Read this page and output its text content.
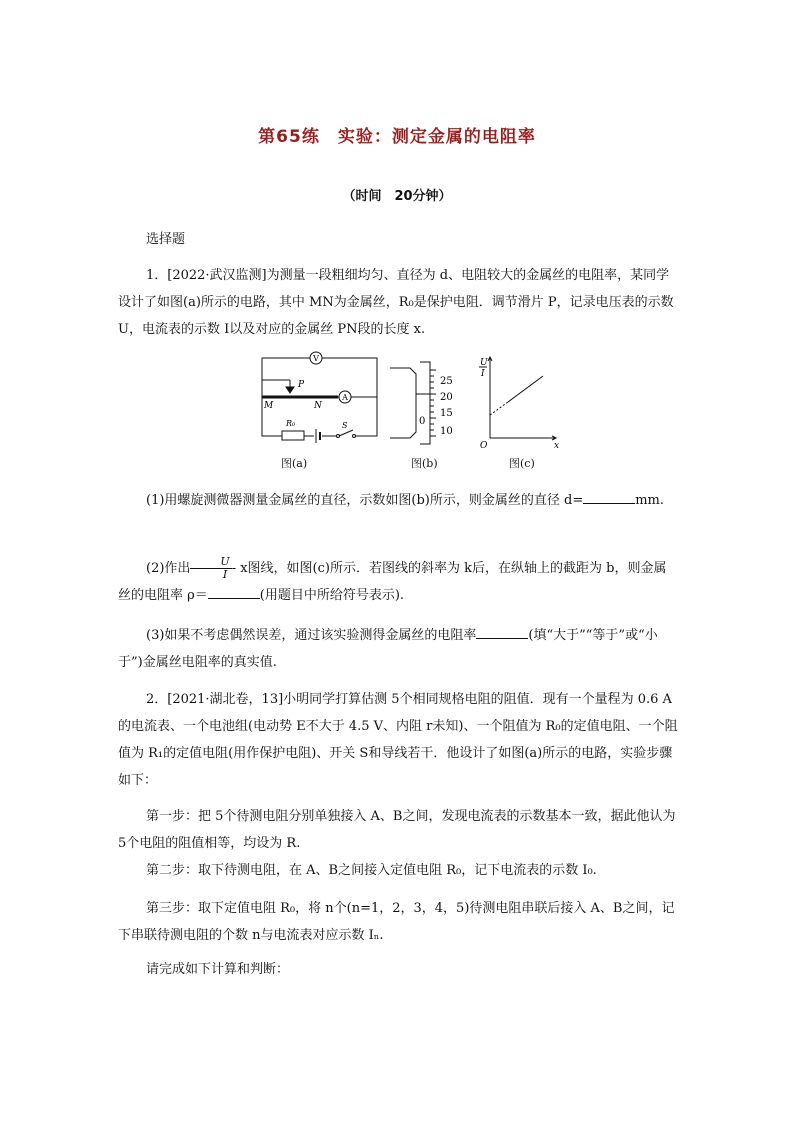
第65练　实验：测定金属的电阻率
（时间　20分钟）
选择题
1．[2022·武汉监测]为测量一段粗细均匀、直径为 d、电阻较大的金属丝的电阻率，某同学设计了如图(a)所示的电路，其中 MN为金属丝，R₀是保护电阻．调节滑片 P，记录电压表的示数 U，电流表的示数 I以及对应的金属丝 PN段的长度 x.
V
A
P
M	N
R₀	S
25
20
15
10
0
U
I
x
O
图(a)	图(b)	图(c)
(1)用螺旋测微器测量金属丝的直径，示数如图(b)所示，则金属丝的直径 d=	mm.
(2)作出 $\frac{U}{I}$ - x图线，如图(c)所示．若图线的斜率为 k后，在纵轴上的截距为 b，则金属丝的电阻率 ρ＝	(用题目中所给符号表示).
(3)如果不考虑偶然误差，通过该实验测得金属丝的电阻率	(填“大于”“等于”或“小于”)金属丝电阻率的真实值.
2．[2021·湖北卷，13]小明同学打算估测 5个相同规格电阻的阻值．现有一个量程为 0.6 A的电流表、一个电池组(电动势 E不大于 4.5 V、内阻 r未知)、一个阻值为 R₀的定值电阻、一个阻值为 R₁的定值电阻(用作保护电阻)、开关 S和导线若干．他设计了如图(a)所示的电路，实验步骤如下：
第一步：把 5个待测电阻分别单独接入 A、B之间，发现电流表的示数基本一致，据此他认为 5个电阻的阻值相等，均设为 R.
第二步：取下待测电阻，在 A、B之间接入定值电阻 R₀，记下电流表的示数 I₀.
第三步：取下定值电阻 R₀，将 n个(n=1，2，3，4，5)待测电阻串联后接入 A、B之间，记下串联待测电阻的个数 n与电流表对应示数 Iₙ.
请完成如下计算和判断：
